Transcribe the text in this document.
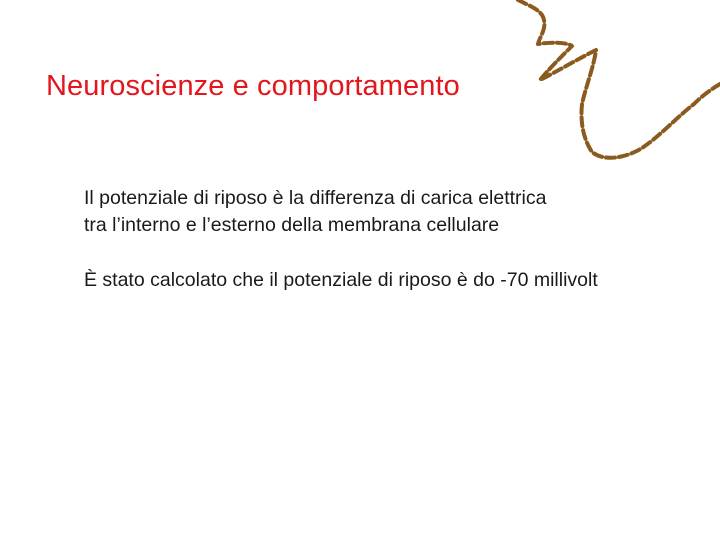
Neuroscienze e comportamento

Il potenziale di riposo è la differenza di carica elettrica
tra l’interno e l’esterno della membrana cellulare

È stato calcolato che il potenziale di riposo è do -70 millivolt
